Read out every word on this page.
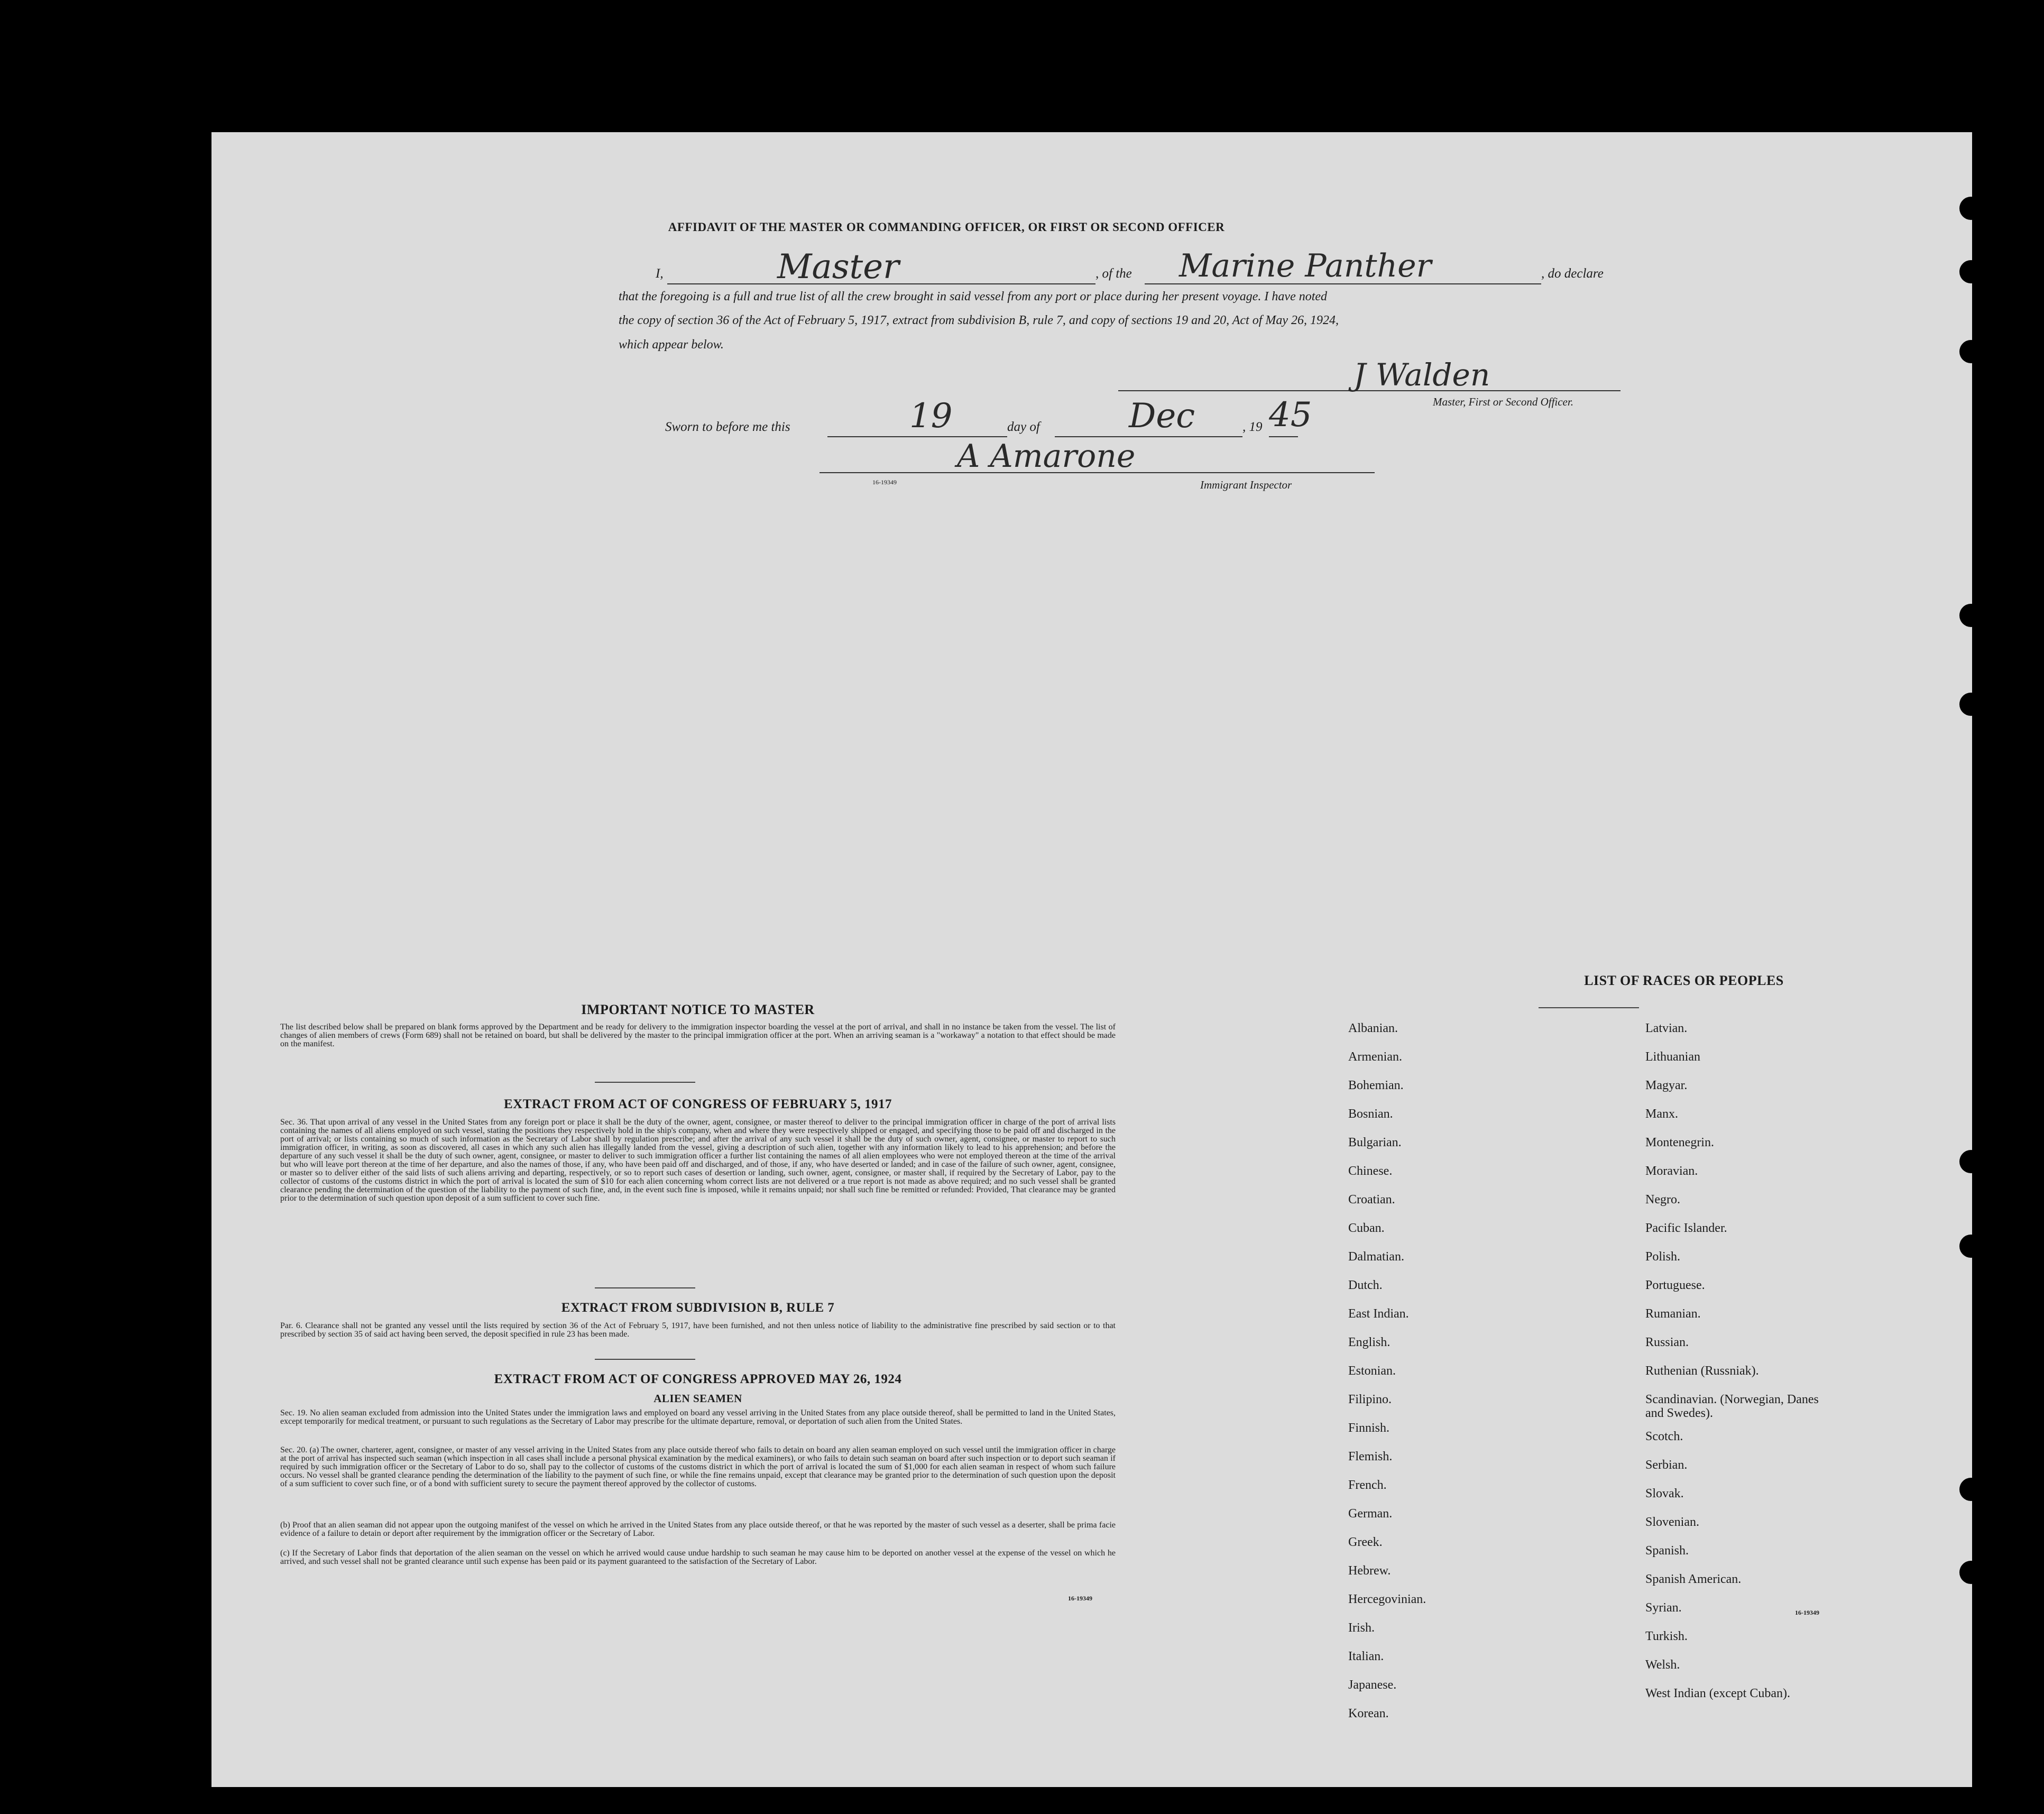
AFFIDAVIT OF THE MASTER OR COMMANDING OFFICER, OR FIRST OR SECOND OFFICER
I,	Master	, of the Marine Panther	, do declare
that the foregoing is a full and true list of all the crew brought in said vessel from any port or place during her present voyage. I have noted
the copy of section 36 of the Act of February 5, 1917, extract from subdivision B, rule 7, and copy of sections 19 and 20, Act of May 26, 1924,
which appear below.
J Walden
Master, First or Second Officer.
Sworn to before me this	19	day of	Dec	, 19 45
A Amarone
16-19349	Immigrant Inspector
IMPORTANT NOTICE TO MASTER
The list described below shall be prepared on blank forms approved by the Department and be ready for delivery to the immigration inspector boarding the vessel at the port of arrival, and shall in no instance be taken from the vessel. The list of changes of alien members of crews (Form 689) shall not be retained on board, but shall be delivered by the master to the principal immigration officer at the port. When an arriving seaman is a "workaway" a notation to that effect should be made on the manifest.
EXTRACT FROM ACT OF CONGRESS OF FEBRUARY 5, 1917
Sec. 36. That upon arrival of any vessel in the United States from any foreign port or place it shall be the duty of the owner, agent, consignee, or master thereof to deliver to the principal immigration officer in charge of the port of arrival lists containing the names of all aliens employed on such vessel, stating the positions they respectively hold in the ship's company, when and where they were respectively shipped or engaged, and specifying those to be paid off and discharged in the port of arrival; or lists containing so much of such information as the Secretary of Labor shall by regulation prescribe; and after the arrival of any such vessel it shall be the duty of such owner, agent, consignee, or master to report to such immigration officer, in writing, as soon as discovered, all cases in which any such alien has illegally landed from the vessel, giving a description of such alien, together with any information likely to lead to his apprehension; and before the departure of any such vessel it shall be the duty of such owner, agent, consignee, or master to deliver to such immigration officer a further list containing the names of all alien employees who were not employed thereon at the time of the arrival but who will leave port thereon at the time of her departure, and also the names of those, if any, who have been paid off and discharged, and of those, if any, who have deserted or landed; and in case of the failure of such owner, agent, consignee, or master so to deliver either of the said lists of such aliens arriving and departing, respectively, or so to report such cases of desertion or landing, such owner, agent, consignee, or master shall, if required by the Secretary of Labor, pay to the collector of customs of the customs district in which the port of arrival is located the sum of $10 for each alien concerning whom correct lists are not delivered or a true report is not made as above required; and no such vessel shall be granted clearance pending the determination of the question of the liability to the payment of such fine, and, in the event such fine is imposed, while it remains unpaid; nor shall such fine be remitted or refunded: Provided, That clearance may be granted prior to the determination of such question upon deposit of a sum sufficient to cover such fine.
EXTRACT FROM SUBDIVISION B, RULE 7
Par. 6. Clearance shall not be granted any vessel until the lists required by section 36 of the Act of February 5, 1917, have been furnished, and not then unless notice of liability to the administrative fine prescribed by said section or to that prescribed by section 35 of said act having been served, the deposit specified in rule 23 has been made.
EXTRACT FROM ACT OF CONGRESS APPROVED MAY 26, 1924
ALIEN SEAMEN
Sec. 19. No alien seaman excluded from admission into the United States under the immigration laws and employed on board any vessel arriving in the United States from any place outside thereof, shall be permitted to land in the United States, except temporarily for medical treatment, or pursuant to such regulations as the Secretary of Labor may prescribe for the ultimate departure, removal, or deportation of such alien from the United States.
Sec. 20. (a) The owner, charterer, agent, consignee, or master of any vessel arriving in the United States from any place outside thereof who fails to detain on board any alien seaman employed on such vessel until the immigration officer in charge at the port of arrival has inspected such seaman (which inspection in all cases shall include a personal physical examination by the medical examiners), or who fails to detain such seaman on board after such inspection or to deport such seaman if required by such immigration officer or the Secretary of Labor to do so, shall pay to the collector of customs of the customs district in which the port of arrival is located the sum of $1,000 for each alien seaman in respect of whom such failure occurs. No vessel shall be granted clearance pending the determination of the liability to the payment of such fine, or while the fine remains unpaid, except that clearance may be granted prior to the determination of such question upon the deposit of a sum sufficient to cover such fine, or of a bond with sufficient surety to secure the payment thereof approved by the collector of customs.
(b) Proof that an alien seaman did not appear upon the outgoing manifest of the vessel on which he arrived in the United States from any place outside thereof, or that he was reported by the master of such vessel as a deserter, shall be prima facie evidence of a failure to detain or deport after requirement by the immigration officer or the Secretary of Labor.
(c) If the Secretary of Labor finds that deportation of the alien seaman on the vessel on which he arrived would cause undue hardship to such seaman he may cause him to be deported on another vessel at the expense of the vessel on which he arrived, and such vessel shall not be granted clearance until such expense has been paid or its payment guaranteed to the satisfaction of the Secretary of Labor.
16-19349
LIST OF RACES OR PEOPLES
Albanian.
Armenian.
Bohemian.
Bosnian.
Bulgarian.
Chinese.
Croatian.
Cuban.
Dalmatian.
Dutch.
East Indian.
English.
Estonian.
Filipino.
Finnish.
Flemish.
French.
German.
Greek.
Hebrew.
Hercegovinian.
Irish.
Italian.
Japanese.
Korean.
Latvian.
Lithuanian
Magyar.
Manx.
Montenegrin.
Moravian.
Negro.
Pacific Islander.
Polish.
Portuguese.
Rumanian.
Russian.
Ruthenian (Russniak).
Scandinavian. (Norwegian, Danes and Swedes).
Scotch.
Serbian.
Slovak.
Slovenian.
Spanish.
Spanish American.
Syrian.
Turkish.
Welsh.
West Indian (except Cuban).
16-19349
